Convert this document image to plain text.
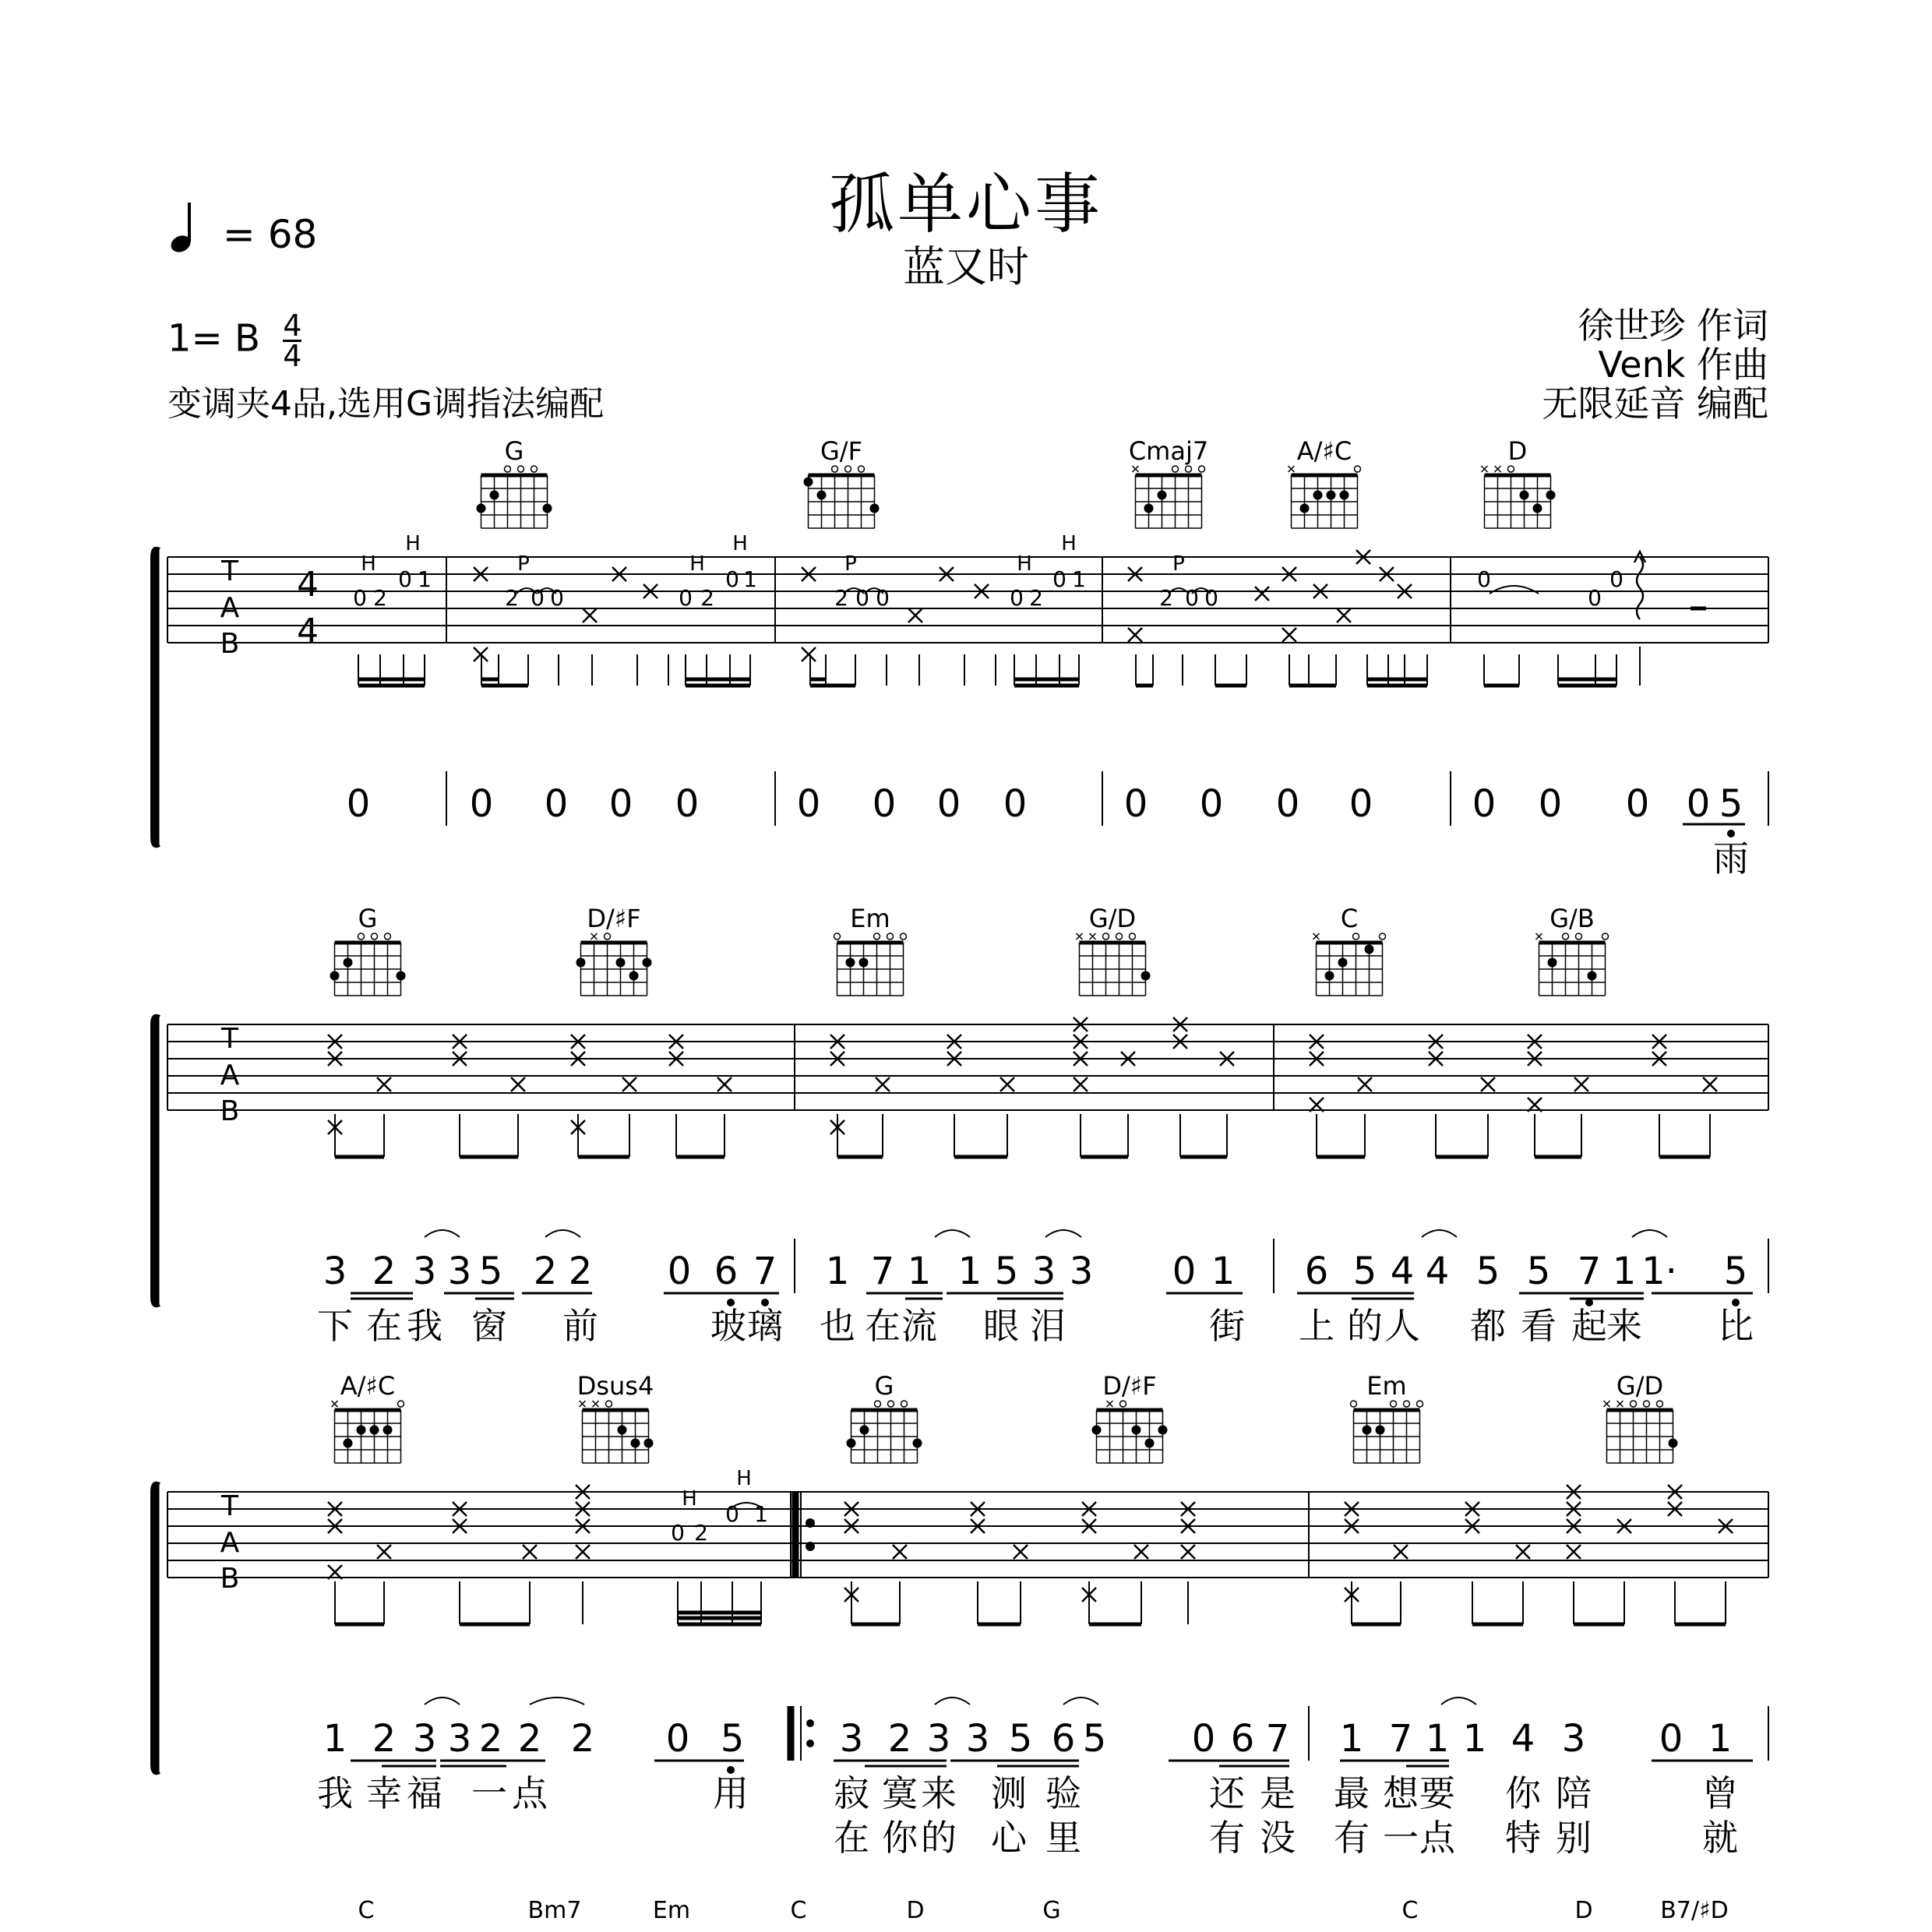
孤单心事
蓝又时
= 68
1= B $\frac{4}{4}$
变调夹4品,选用G调指法编配
徐世珍 作词
Venk 作曲
无限延音 编配
T
A
B
4
4
H
H	P	H
H
P	H
H
P
0 2
0 1
2 0 0	0 2
0 1
2 0 0	0 2
0 1
2 0 0
0
0
0
0	0 0 0 0	0 0 0 0	0 0 0 0	0 0 0 0 5
雨
T
A
B
3 2 3 3 5 2 2 0 6 7 1 7 1 1 5 3 3 0 1 6 5 4 4 5 5 7 1 1· 5
下 在 我 窗 前	玻 璃 也 在 流 眼 泪	街 上 的 人 都 看 起 来 比
T
A
B
H
H
0 2
0 1
1 2 3 3 2 2 2 0 5	3 2 3 3 5 6 5 0 6 7 1 7 1 1 4 3 0 1
我 幸 福 一 点	用 寂 寞 来 测 验	还 是 最 想 要 你 陪	曾
在 你 的 心 里	有 没 有 一 点 特 别	就
C	Bm7	Em	C	D	G	C	D	B7/♯D
G	G/F	Cmaj7	A/♯C	D
G	D/♯F	Em	G/D	C	G/B
A/♯C	Dsus4	G	D/♯F	Em	G/D
